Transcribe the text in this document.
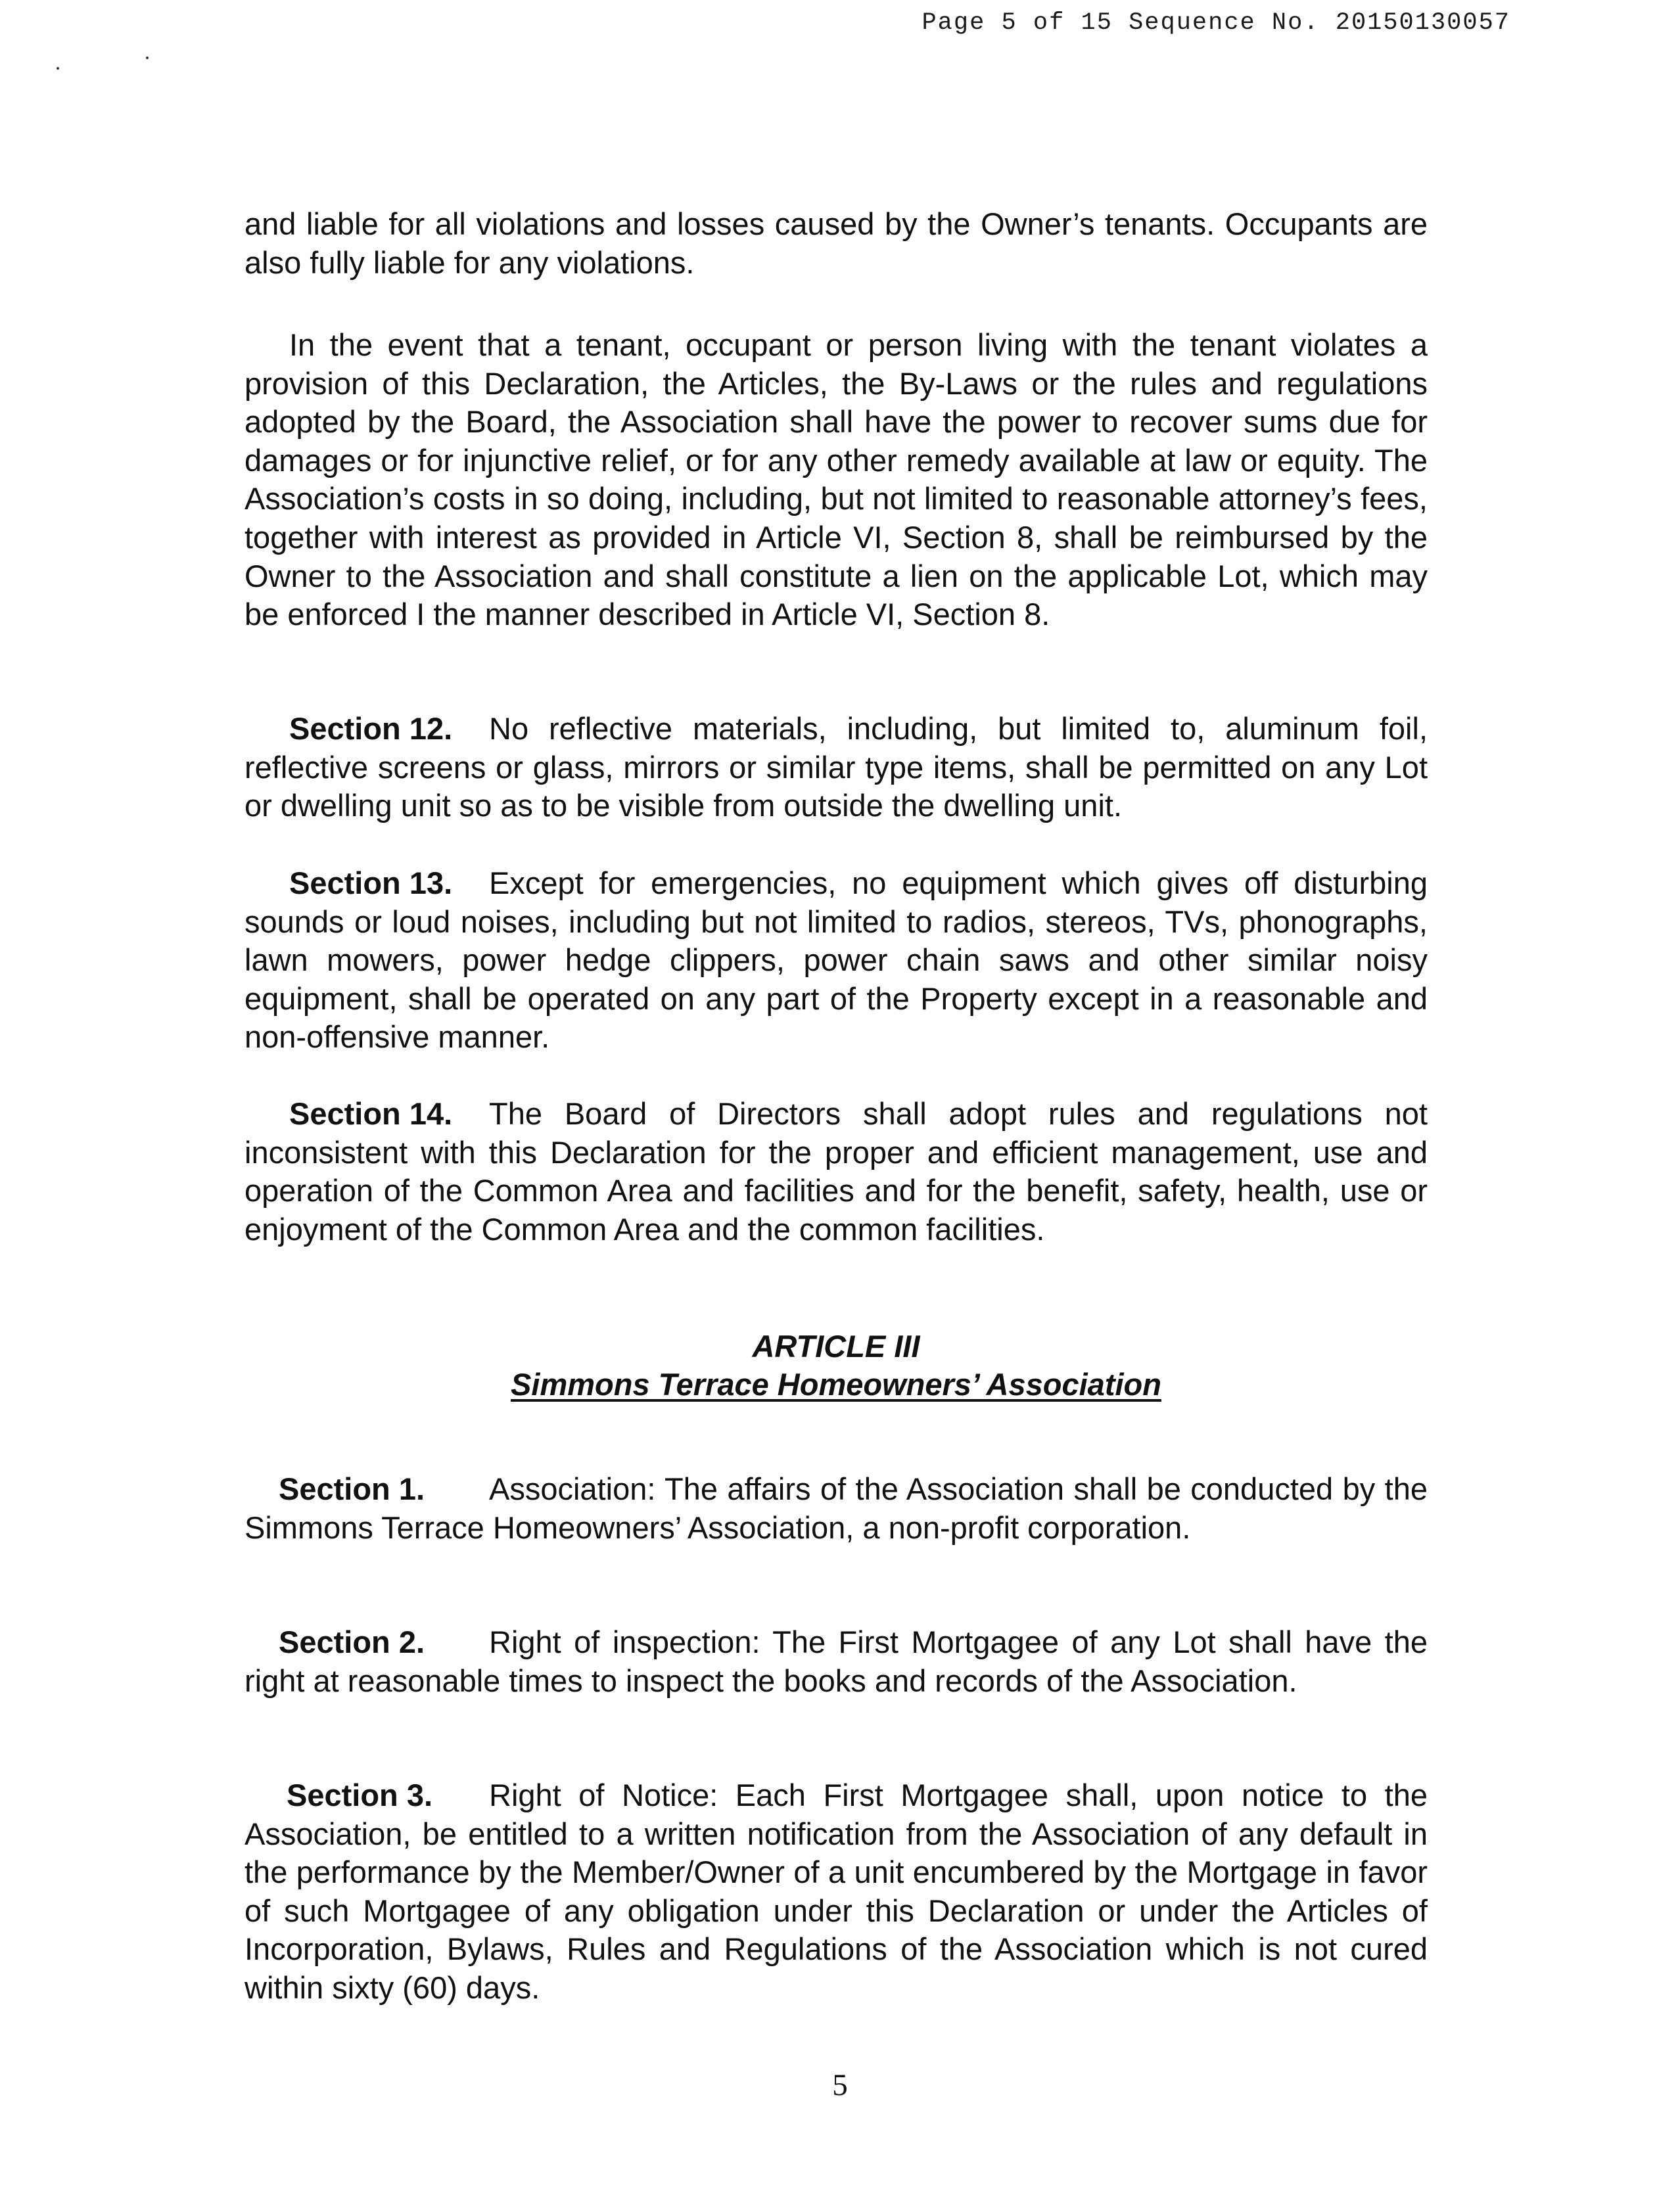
Page 5 of 15 Sequence No. 20150130057

and liable for all violations and losses caused by the Owner’s tenants. Occupants are also fully liable for any violations.

In the event that a tenant, occupant or person living with the tenant violates a provision of this Declaration, the Articles, the By-Laws or the rules and regulations adopted by the Board, the Association shall have the power to recover sums due for damages or for injunctive relief, or for any other remedy available at law or equity. The Association’s costs in so doing, including, but not limited to reasonable attorney’s fees, together with interest as provided in Article VI, Section 8, shall be reimbursed by the Owner to the Association and shall constitute a lien on the applicable Lot, which may be enforced I the manner described in Article VI, Section 8.

Section 12. No reflective materials, including, but limited to, aluminum foil, reflective screens or glass, mirrors or similar type items, shall be permitted on any Lot or dwelling unit so as to be visible from outside the dwelling unit.

Section 13. Except for emergencies, no equipment which gives off disturbing sounds or loud noises, including but not limited to radios, stereos, TVs, phonographs, lawn mowers, power hedge clippers, power chain saws and other similar noisy equipment, shall be operated on any part of the Property except in a reasonable and non-offensive manner.

Section 14. The Board of Directors shall adopt rules and regulations not inconsistent with this Declaration for the proper and efficient management, use and operation of the Common Area and facilities and for the benefit, safety, health, use or enjoyment of the Common Area and the common facilities.

ARTICLE III
Simmons Terrace Homeowners’ Association

Section 1. Association: The affairs of the Association shall be conducted by the Simmons Terrace Homeowners’ Association, a non-profit corporation.

Section 2. Right of inspection: The First Mortgagee of any Lot shall have the right at reasonable times to inspect the books and records of the Association.

Section 3. Right of Notice: Each First Mortgagee shall, upon notice to the Association, be entitled to a written notification from the Association of any default in the performance by the Member/Owner of a unit encumbered by the Mortgage in favor of such Mortgagee of any obligation under this Declaration or under the Articles of Incorporation, Bylaws, Rules and Regulations of the Association which is not cured within sixty (60) days.

5
